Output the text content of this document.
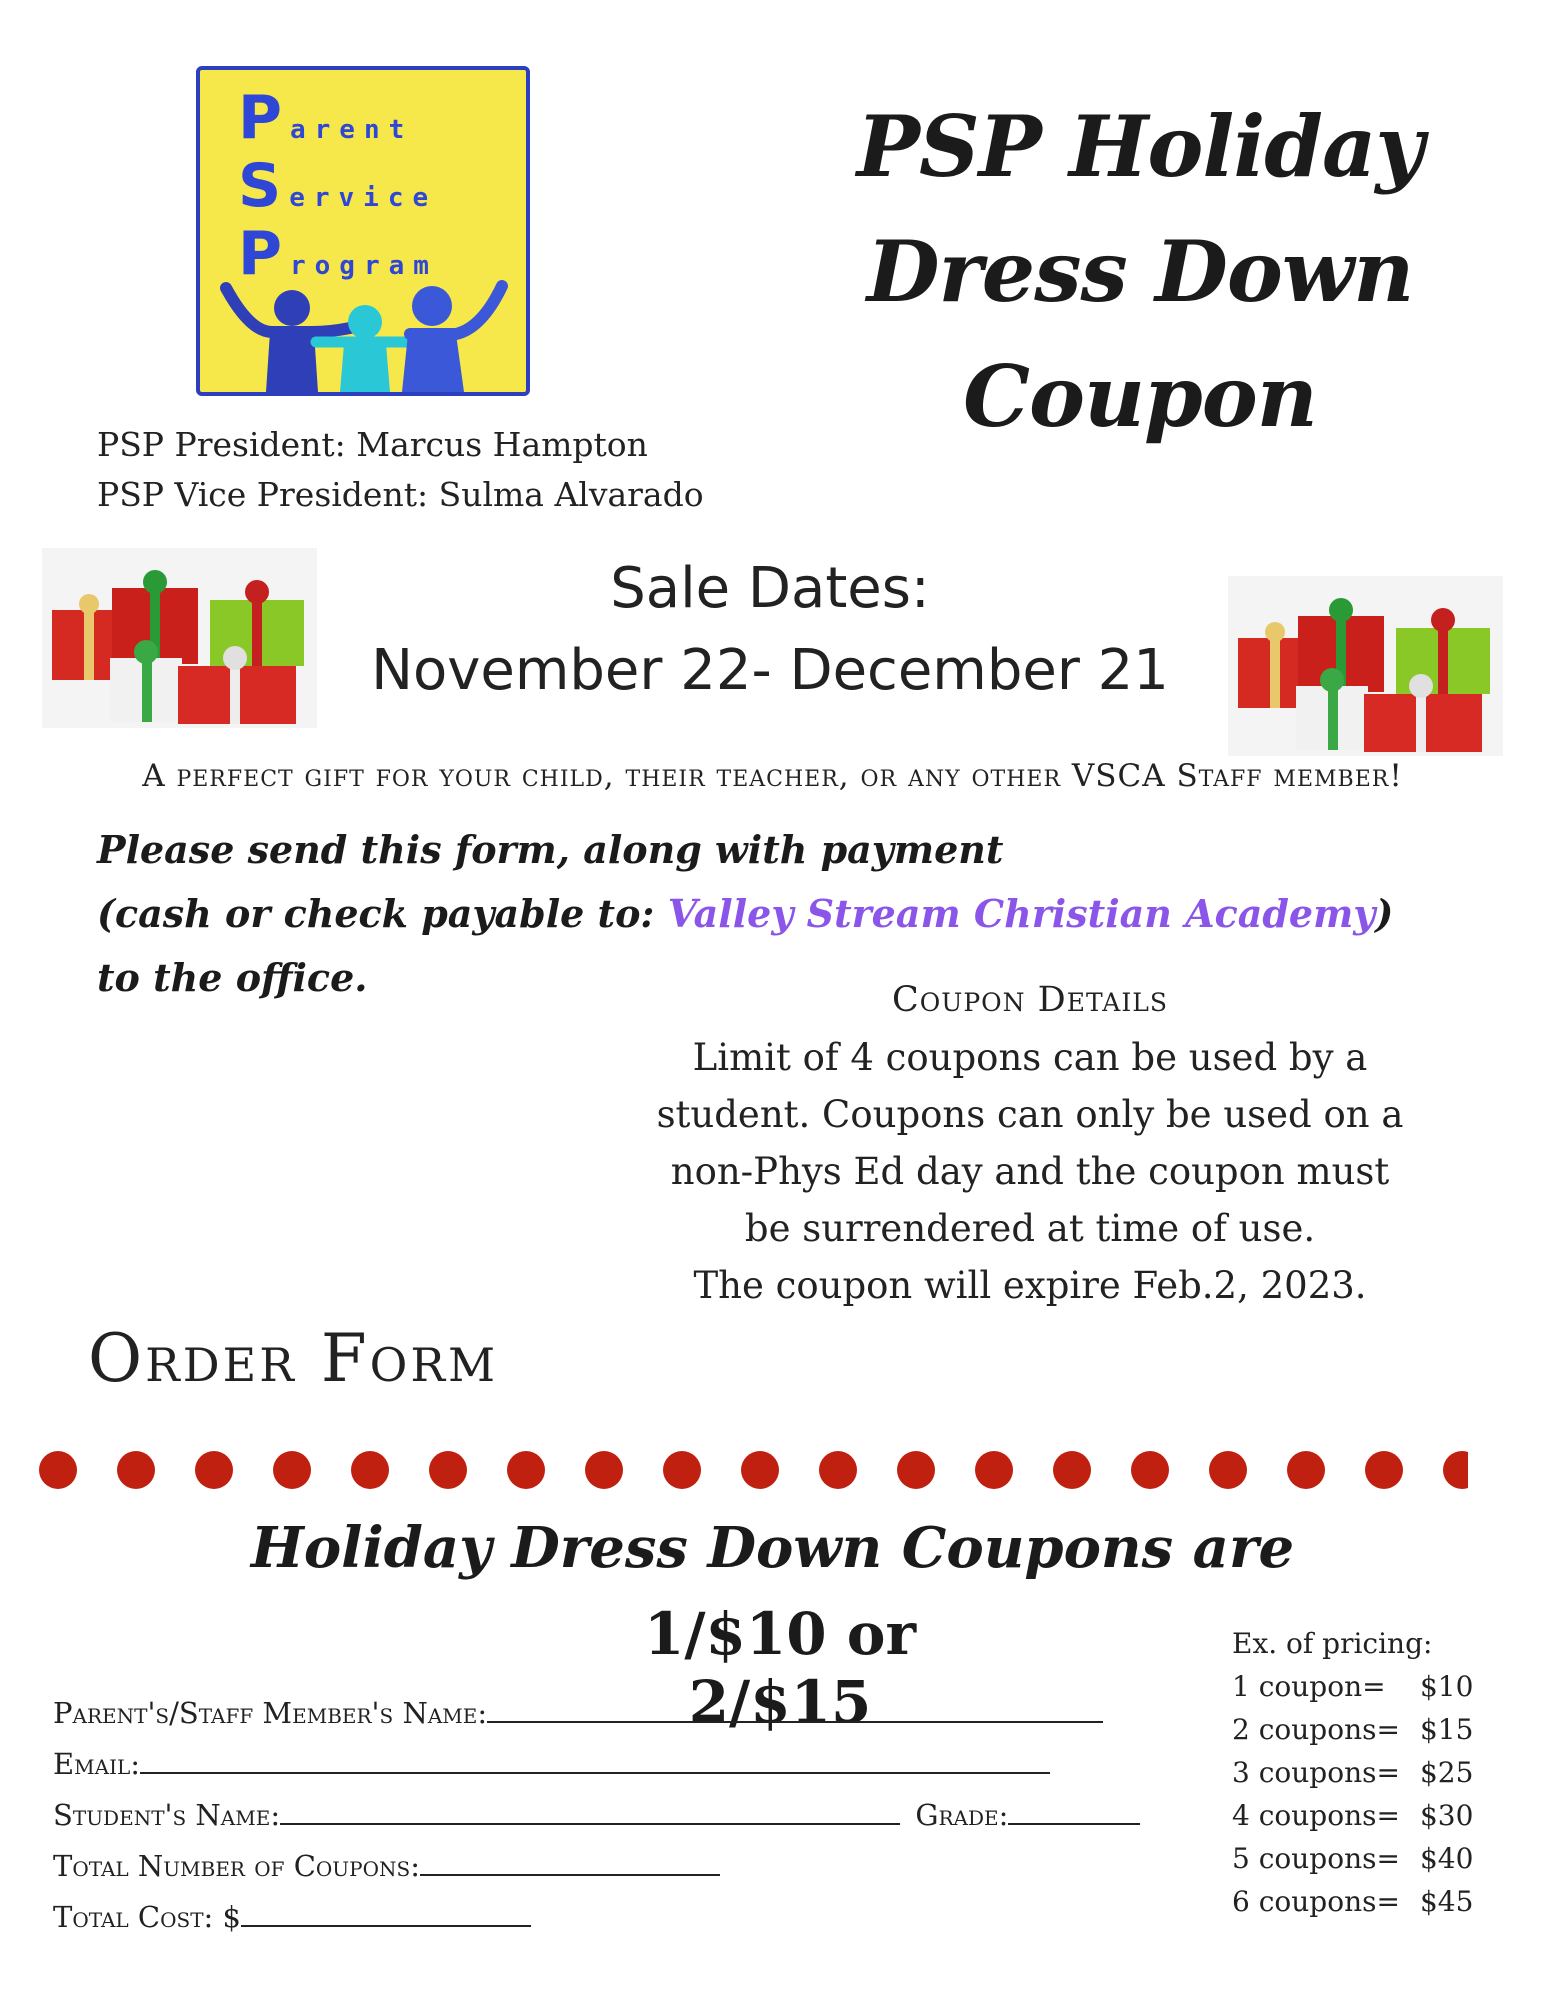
P arent
S ervice
P rogram
PSP Holiday
Dress Down
Coupon
PSP President: Marcus Hampton
PSP Vice President: Sulma Alvarado
Sale Dates:
November 22- December 21
A perfect gift for your child, their teacher, or any other VSCA Staff member!
Please send this form, along with payment
(cash or check payable to: Valley Stream Christian Academy)
to the office.	Coupon Details
Limit of 4 coupons can be used by a
student. Coupons can only be used on a
non-Phys Ed day and the coupon must
be surrendered at time of use.
The coupon will expire Feb.2, 2023.
Order Form
Holiday Dress Down Coupons are
1/$10 or 2/$15
Parent's/Staff Member's Name:
Email:
Student's Name:	Grade:
Total Number of Coupons:
Total Cost: $
Ex. of pricing:
1 coupon=	$10
2 coupons=	$15
3 coupons=	$25
4 coupons=	$30
5 coupons=	$40
6 coupons=	$45
